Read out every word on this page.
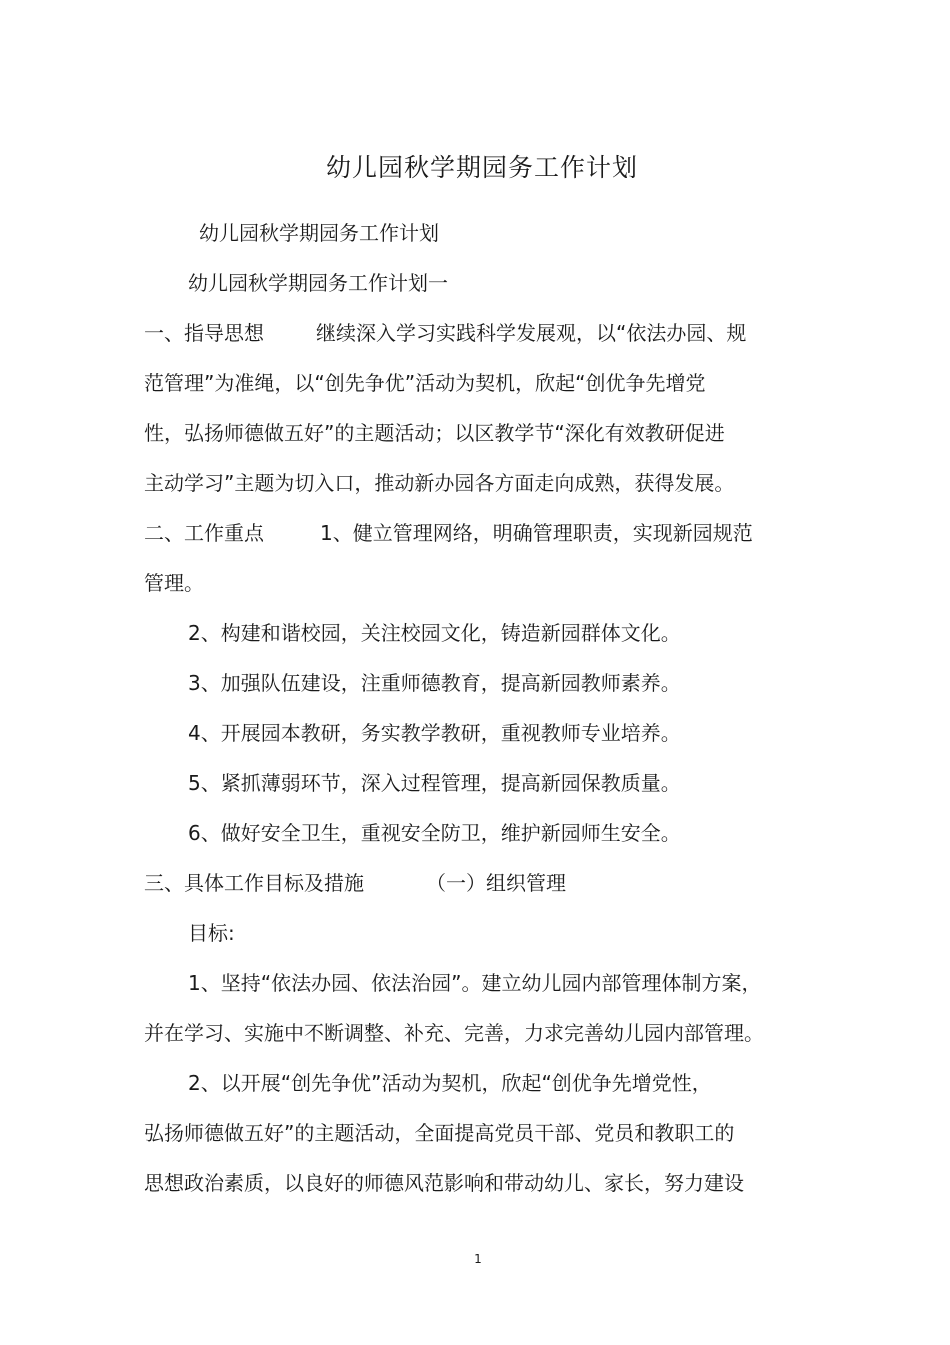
幼儿园秋学期园务工作计划
幼儿园秋学期园务工作计划
幼儿园秋学期园务工作计划一
一、指导思想	继续深入学习实践科学发展观，以“依法办园、规
范管理”为准绳，以“创先争优”活动为契机，欣起“创优争先增党
性，弘扬师德做五好”的主题活动；以区教学节“深化有效教研促进
主动学习”主题为切入口，推动新办园各方面走向成熟，获得发展。
二、工作重点	1、健立管理网络，明确管理职责，实现新园规范
管理。
2、构建和谐校园，关注校园文化，铸造新园群体文化。
3、加强队伍建设，注重师德教育，提高新园教师素养。
4、开展园本教研，务实教学教研，重视教师专业培养。
5、紧抓薄弱环节，深入过程管理，提高新园保教质量。
6、做好安全卫生，重视安全防卫，维护新园师生安全。
三、具体工作目标及措施	（一）组织管理
目标:
1、坚持“依法办园、依法治园”。建立幼儿园内部管理体制方案，
并在学习、实施中不断调整、补充、完善，力求完善幼儿园内部管理。
2、以开展“创先争优”活动为契机，欣起“创优争先增党性，
弘扬师德做五好”的主题活动，全面提高党员干部、党员和教职工的
思想政治素质，以良好的师德风范影响和带动幼儿、家长，努力建设
1
